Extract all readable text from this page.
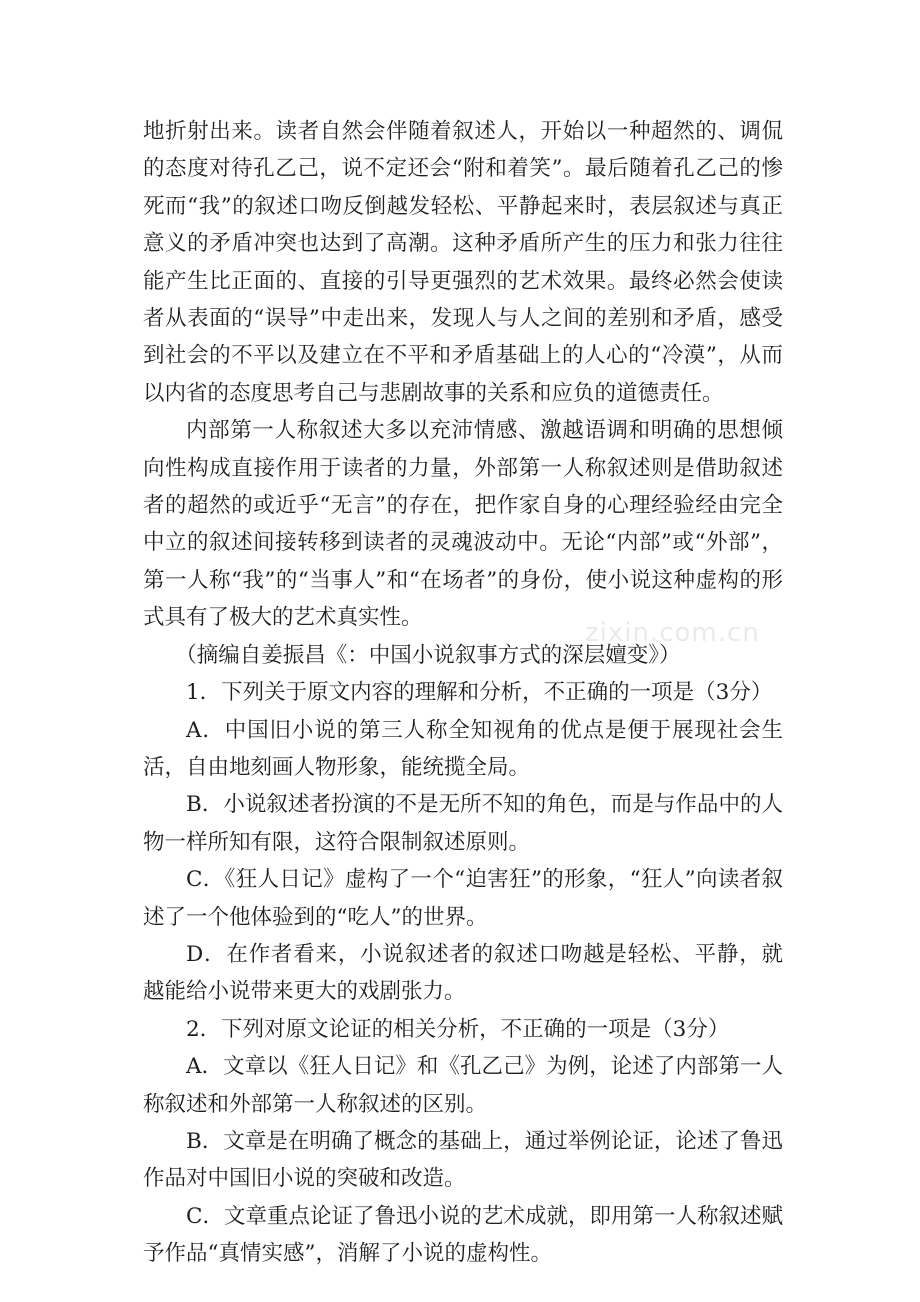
地折射出来。读者自然会伴随着叙述人，开始以一种超然的、调侃的态度对待孔乙己，说不定还会“附和着笑”。最后随着孔乙己的惨死而“我”的叙述口吻反倒越发轻松、平静起来时，表层叙述与真正意义的矛盾冲突也达到了高潮。这种矛盾所产生的压力和张力往往能产生比正面的、直接的引导更强烈的艺术效果。最终必然会使读者从表面的“误导”中走出来，发现人与人之间的差别和矛盾，感受到社会的不平以及建立在不平和矛盾基础上的人心的“冷漠”，从而以内省的态度思考自己与悲剧故事的关系和应负的道德责任。

内部第一人称叙述大多以充沛情感、激越语调和明确的思想倾向性构成直接作用于读者的力量，外部第一人称叙述则是借助叙述者的超然的或近乎“无言”的存在，把作家自身的心理经验经由完全中立的叙述间接转移到读者的灵魂波动中。无论“内部”或“外部”，第一人称“我”的“当事人”和“在场者”的身份，使小说这种虚构的形式具有了极大的艺术真实性。

（摘编自姜振昌《：中国小说叙事方式的深层嬗变》）

1．下列关于原文内容的理解和分析，不正确的一项是（3分）

A．中国旧小说的第三人称全知视角的优点是便于展现社会生活，自由地刻画人物形象，能统揽全局。

B．小说叙述者扮演的不是无所不知的角色，而是与作品中的人物一样所知有限，这符合限制叙述原则。

C．《狂人日记》虚构了一个“迫害狂”的形象，“狂人”向读者叙述了一个他体验到的“吃人”的世界。

D．在作者看来，小说叙述者的叙述口吻越是轻松、平静，就越能给小说带来更大的戏剧张力。

2．下列对原文论证的相关分析，不正确的一项是（3分）

A．文章以《狂人日记》和《孔乙己》为例，论述了内部第一人称叙述和外部第一人称叙述的区别。

B．文章是在明确了概念的基础上，通过举例论证，论述了鲁迅作品对中国旧小说的突破和改造。

C．文章重点论证了鲁迅小说的艺术成就，即用第一人称叙述赋予作品“真情实感”，消解了小说的虚构性。

zixin.com.cn
